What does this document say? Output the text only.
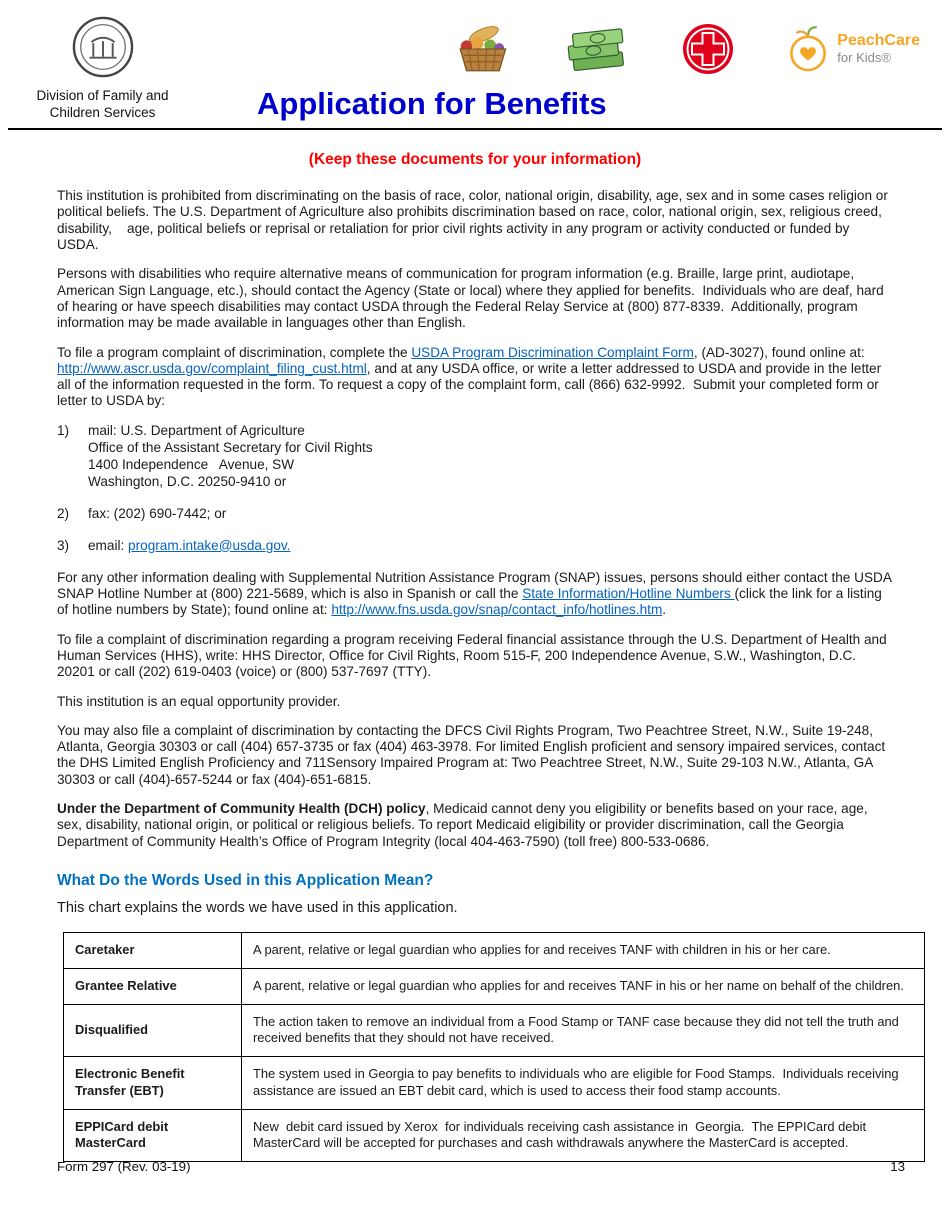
Division of Family and
Children Services
PeachCare
for Kids®
Application for Benefits
(Keep these documents for your information)

This institution is prohibited from discriminating on the basis of race, color, national origin, disability, age, sex and in some cases religion or political beliefs. The U.S. Department of Agriculture also prohibits discrimination based on race, color, national origin, sex, religious creed, disability,    age, political beliefs or reprisal or retaliation for prior civil rights activity in any program or activity conducted or funded by USDA.

Persons with disabilities who require alternative means of communication for program information (e.g. Braille, large print, audiotape, American Sign Language, etc.), should contact the Agency (State or local) where they applied for benefits.  Individuals who are deaf, hard of hearing or have speech disabilities may contact USDA through the Federal Relay Service at (800) 877-8339.  Additionally, program information may be made available in languages other than English.

To file a program complaint of discrimination, complete the USDA Program Discrimination Complaint Form, (AD-3027), found online at: http://www.ascr.usda.gov/complaint_filing_cust.html, and at any USDA office, or write a letter addressed to USDA and provide in the letter all of the information requested in the form. To request a copy of the complaint form, call (866) 632-9992.  Submit your completed form or letter to USDA by:

1)	mail: U.S. Department of Agriculture
Office of the Assistant Secretary for Civil Rights
1400 Independence   Avenue, SW
Washington, D.C. 20250-9410 or
2)	fax: (202) 690-7442; or
3)	email: program.intake@usda.gov.

For any other information dealing with Supplemental Nutrition Assistance Program (SNAP) issues, persons should either contact the USDA SNAP Hotline Number at (800) 221-5689, which is also in Spanish or call the State Information/Hotline Numbers (click the link for a listing of hotline numbers by State); found online at: http://www.fns.usda.gov/snap/contact_info/hotlines.htm.

To file a complaint of discrimination regarding a program receiving Federal financial assistance through the U.S. Department of Health and Human Services (HHS), write: HHS Director, Office for Civil Rights, Room 515-F, 200 Independence Avenue, S.W., Washington, D.C. 20201 or call (202) 619-0403 (voice) or (800) 537-7697 (TTY).

This institution is an equal opportunity provider.

You may also file a complaint of discrimination by contacting the DFCS Civil Rights Program, Two Peachtree Street, N.W., Suite 19-248, Atlanta, Georgia 30303 or call (404) 657-3735 or fax (404) 463-3978. For limited English proficient and sensory impaired services, contact the DHS Limited English Proficiency and 711Sensory Impaired Program at: Two Peachtree Street, N.W., Suite 29-103 N.W., Atlanta, GA 30303 or call (404)-657-5244 or fax (404)-651-6815.

Under the Department of Community Health (DCH) policy, Medicaid cannot deny you eligibility or benefits based on your race, age, sex, disability, national origin, or political or religious beliefs. To report Medicaid eligibility or provider discrimination, call the Georgia Department of Community Health’s Office of Program Integrity (local 404-463-7590) (toll free) 800-533-0686.

What Do the Words Used in this Application Mean?
This chart explains the words we have used in this application.
Caretaker	A parent, relative or legal guardian who applies for and receives TANF with children in his or her care.
Grantee Relative	A parent, relative or legal guardian who applies for and receives TANF in his or her name on behalf of the children.
Disqualified	The action taken to remove an individual from a Food Stamp or TANF case because they did not tell the truth and received benefits that they should not have received.
Electronic Benefit Transfer (EBT)	The system used in Georgia to pay benefits to individuals who are eligible for Food Stamps.  Individuals receiving assistance are issued an EBT debit card, which is used to access their food stamp accounts.
EPPICard debit MasterCard	New  debit card issued by Xerox  for individuals receiving cash assistance in  Georgia.  The EPPICard debit MasterCard will be accepted for purchases and cash withdrawals anywhere the MasterCard is accepted.
Form 297 (Rev. 03-19)	13
